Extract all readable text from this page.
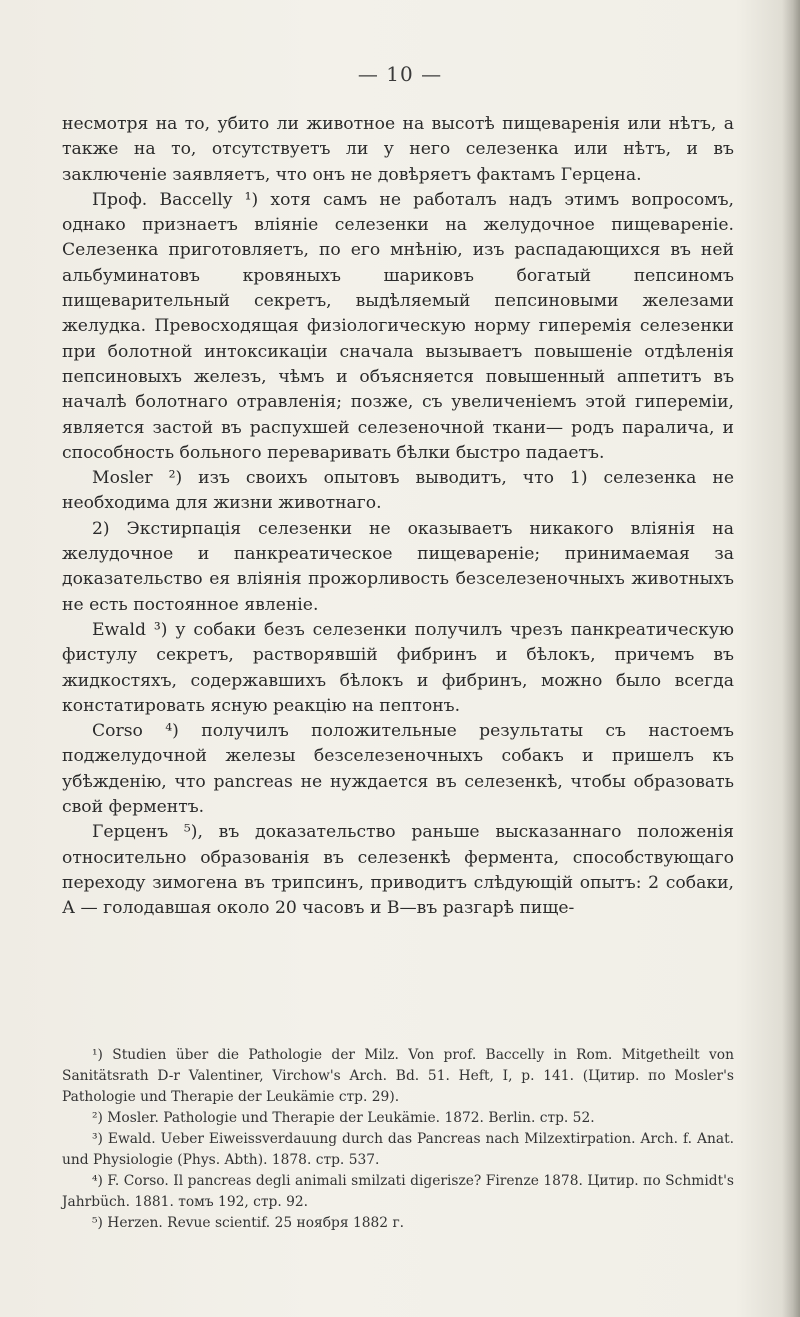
— 10 —

несмотря на то, убито ли животное на высотѣ пищеваренія или нѣтъ, а также на то, отсутствуетъ ли у него селезенка или нѣтъ, и въ заключеніе заявляетъ, что онъ не довѣряетъ фактамъ Герцена.

Проф. Baccelly ¹) хотя самъ не работалъ надъ этимъ вопросомъ, однако признаетъ вліяніе селезенки на желудочное пищевареніе. Селезенка приготовляетъ, по его мнѣнію, изъ распадающихся въ ней альбуминатовъ кровяныхъ шариковъ богатый пепсиномъ пищеварительный секретъ, выдѣляемый пепсиновыми железами желудка. Превосходящая физіологическую норму гиперемія селезенки при болотной интоксикаціи сначала вызываетъ повышеніе отдѣленія пепсиновыхъ железъ, чѣмъ и объясняется повышенный аппетитъ въ началѣ болотнаго отравленія; позже, съ увеличеніемъ этой гипереміи, является застой въ распухшей селезеночной ткани— родъ паралича, и способность больного переваривать бѣлки быстро падаетъ.

Mosler ²) изъ своихъ опытовъ выводитъ, что 1) селезенка не необходима для жизни животнаго.

2) Экстирпація селезенки не оказываетъ никакого вліянія на желудочное и панкреатическое пищевареніе; принимаемая за доказательство ея вліянія прожорливость безселезеночныхъ животныхъ не есть постоянное явленіе.

Ewald ³) у собаки безъ селезенки получилъ чрезъ панкреатическую фистулу секретъ, растворявшій фибринъ и бѣлокъ, причемъ въ жидкостяхъ, содержавшихъ бѣлокъ и фибринъ, можно было всегда констатировать ясную реакцію на пептонъ.

Corso ⁴) получилъ положительные результаты съ настоемъ поджелудочной железы безселезеночныхъ собакъ и пришелъ къ убѣжденію, что pancreas не нуждается въ селезенкѣ, чтобы образовать свой ферментъ.

Герценъ ⁵), въ доказательство раньше высказаннаго положенія относительно образованія въ селезенкѣ фермента, способствующаго переходу зимогена въ трипсинъ, приводитъ слѣдующій опытъ: 2 собаки, А — голодавшая около 20 часовъ и В—въ разгарѣ пище-

¹) Studien über die Pathologie der Milz. Von prof. Baccelly in Rom. Mitgetheilt von Sanitätsrath D-r Valentiner, Virchow's Arch. Bd. 51. Heft, I, p. 141. (Цитир. по Mosler's Pathologie und Therapie der Leukämie стр. 29).

²) Mosler. Pathologie und Therapie der Leukämie. 1872. Berlin. стр. 52.

³) Ewald. Ueber Eiweissverdauung durch das Pancreas nach Milzextirpation. Arch. f. Anat. und Physiologie (Phys. Abth). 1878. стр. 537.

⁴) F. Corso. Il pancreas degli animali smilzati digerisze? Firenze 1878. Цитир. по Schmidt's Jahrbüch. 1881. томъ 192, стр. 92.

⁵) Herzen. Revue scientif. 25 ноября 1882 г.
